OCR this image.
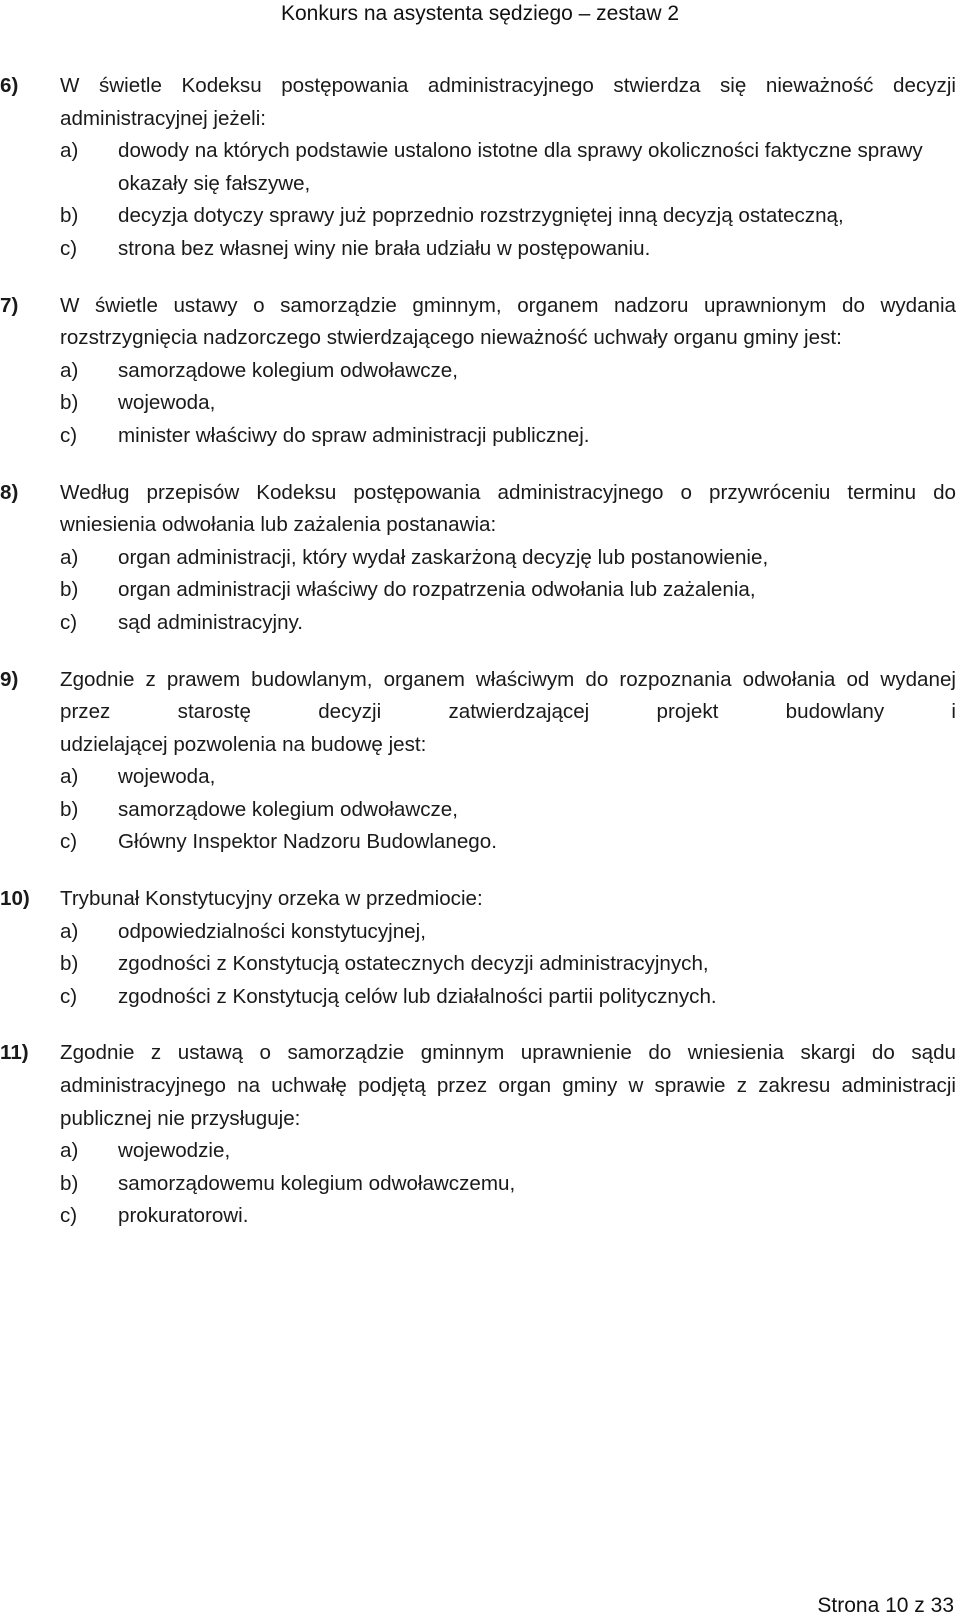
Konkurs na asystenta sędziego – zestaw 2
6) W świetle Kodeksu postępowania administracyjnego stwierdza się nieważność decyzji administracyjnej jeżeli:
a) dowody na których podstawie ustalono istotne dla sprawy okoliczności faktyczne sprawy okazały się fałszywe,
b) decyzja dotyczy sprawy już poprzednio rozstrzygniętej inną decyzją ostateczną,
c) strona bez własnej winy nie brała udziału w postępowaniu.
7) W świetle ustawy o samorządzie gminnym, organem nadzoru uprawnionym do wydania rozstrzygnięcia nadzorczego stwierdzającego nieważność uchwały organu gminy jest:
a) samorządowe kolegium odwoławcze,
b) wojewoda,
c) minister właściwy do spraw administracji publicznej.
8) Według przepisów Kodeksu postępowania administracyjnego o przywróceniu terminu do wniesienia odwołania lub zażalenia postanawia:
a) organ administracji, który wydał zaskarżoną decyzję lub postanowienie,
b) organ administracji właściwy do rozpatrzenia odwołania lub zażalenia,
c) sąd administracyjny.
9) Zgodnie z prawem budowlanym, organem właściwym do rozpoznania odwołania od wydanej przez starostę decyzji zatwierdzającej projekt budowlany i
udzielającej pozwolenia na budowę jest:
a) wojewoda,
b) samorządowe kolegium odwoławcze,
c) Główny Inspektor Nadzoru Budowlanego.
10) Trybunał Konstytucyjny orzeka w przedmiocie:
a) odpowiedzialności konstytucyjnej,
b) zgodności z Konstytucją ostatecznych decyzji administracyjnych,
c) zgodności z Konstytucją celów lub działalności partii politycznych.
11) Zgodnie z ustawą o samorządzie gminnym uprawnienie do wniesienia skargi do sądu administracyjnego na uchwałę podjętą przez organ gminy w sprawie z zakresu administracji publicznej nie przysługuje:
a) wojewodzie,
b) samorządowemu kolegium odwoławczemu,
c) prokuratorowi.
Strona 10 z 33
